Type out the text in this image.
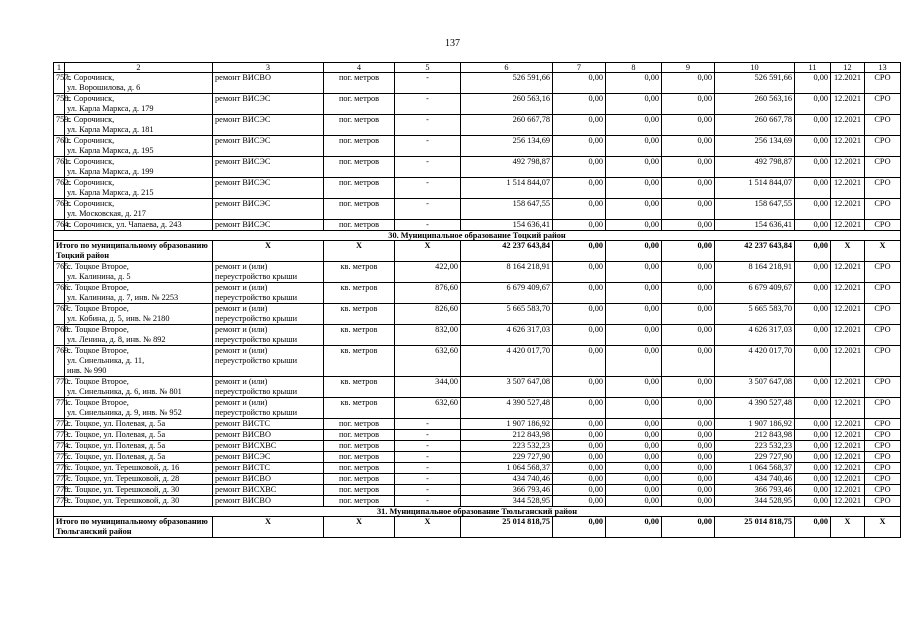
137
1	2	3	4	5	6	7	8	9	10	11	12	13
757.	г. Сорочинск,
ул. Ворошилова, д. 6	ремонт ВИСВО	пог. метров	-	526 591,66	0,00	0,00	0,00	526 591,66	0,00	12.2021	СРО
758.	г. Сорочинск,
ул. Карла Маркса, д. 179	ремонт ВИСЭС	пог. метров	-	260 563,16	0,00	0,00	0,00	260 563,16	0,00	12.2021	СРО
759.	г. Сорочинск,
ул. Карла Маркса, д. 181	ремонт ВИСЭС	пог. метров	-	260 667,78	0,00	0,00	0,00	260 667,78	0,00	12.2021	СРО
760.	г. Сорочинск,
ул. Карла Маркса, д. 195	ремонт ВИСЭС	пог. метров	-	256 134,69	0,00	0,00	0,00	256 134,69	0,00	12.2021	СРО
761.	г. Сорочинск,
ул. Карла Маркса, д. 199	ремонт ВИСЭС	пог. метров	-	492 798,87	0,00	0,00	0,00	492 798,87	0,00	12.2021	СРО
762.	г. Сорочинск,
ул. Карла Маркса, д. 215	ремонт ВИСЭС	пог. метров	-	1 514 844,07	0,00	0,00	0,00	1 514 844,07	0,00	12.2021	СРО
763.	г. Сорочинск,
ул. Московская, д. 217	ремонт ВИСЭС	пог. метров	-	158 647,55	0,00	0,00	0,00	158 647,55	0,00	12.2021	СРО
764.	г. Сорочинск, ул. Чапаева, д. 243	ремонт ВИСЭС	пог. метров	-	154 636,41	0,00	0,00	0,00	154 636,41	0,00	12.2021	СРО
30. Муниципальное образование Тоцкий район												
Итого по муниципальному образованию Тоцкий район		Х	Х	Х	42 237 643,84	0,00	0,00	0,00	42 237 643,84	0,00	Х	Х
765.	с. Тоцкое Второе,
ул. Калинина, д. 5	ремонт и (или)
переустройство крыши	кв. метров	422,00	8 164 218,91	0,00	0,00	0,00	8 164 218,91	0,00	12.2021	СРО
766.	с. Тоцкое Второе,
ул. Калинина, д. 7, инв. № 2253	ремонт и (или)
переустройство крыши	кв. метров	876,60	6 679 409,67	0,00	0,00	0,00	6 679 409,67	0,00	12.2021	СРО
767.	с. Тоцкое Второе,
ул. Кобина, д. 5, инв. № 2180	ремонт и (или)
переустройство крыши	кв. метров	826,60	5 665 583,70	0,00	0,00	0,00	5 665 583,70	0,00	12.2021	СРО
768.	с. Тоцкое Второе,
ул. Ленина, д. 8, инв. № 892	ремонт и (или)
переустройство крыши	кв. метров	832,00	4 626 317,03	0,00	0,00	0,00	4 626 317,03	0,00	12.2021	СРО
769.	с. Тоцкое Второе,
ул. Синельника, д. 11,
инв. № 990	ремонт и (или)
переустройство крыши	кв. метров	632,60	4 420 017,70	0,00	0,00	0,00	4 420 017,70	0,00	12.2021	СРО
770.	с. Тоцкое Второе,
ул. Синельника, д. 6, инв. № 801	ремонт и (или)
переустройство крыши	кв. метров	344,00	3 507 647,08	0,00	0,00	0,00	3 507 647,08	0,00	12.2021	СРО
771.	с. Тоцкое Второе,
ул. Синельника, д. 9, инв. № 952	ремонт и (или)
переустройство крыши	кв. метров	632,60	4 390 527,48	0,00	0,00	0,00	4 390 527,48	0,00	12.2021	СРО
772.	с. Тоцкое, ул. Полевая, д. 5а	ремонт ВИСТС	пог. метров	-	1 907 186,92	0,00	0,00	0,00	1 907 186,92	0,00	12.2021	СРО
773.	с. Тоцкое, ул. Полевая, д. 5а	ремонт ВИСВО	пог. метров	-	212 843,98	0,00	0,00	0,00	212 843,98	0,00	12.2021	СРО
774.	с. Тоцкое, ул. Полевая, д. 5а	ремонт ВИСХВС	пог. метров	-	223 532,23	0,00	0,00	0,00	223 532,23	0,00	12.2021	СРО
775.	с. Тоцкое, ул. Полевая, д. 5а	ремонт ВИСЭС	пог. метров	-	229 727,90	0,00	0,00	0,00	229 727,90	0,00	12.2021	СРО
776.	с. Тоцкое, ул. Терешковой, д. 16	ремонт ВИСТС	пог. метров	-	1 064 568,37	0,00	0,00	0,00	1 064 568,37	0,00	12.2021	СРО
777.	с. Тоцкое, ул. Терешковой, д. 28	ремонт ВИСВО	пог. метров	-	434 740,46	0,00	0,00	0,00	434 740,46	0,00	12.2021	СРО
778.	с. Тоцкое, ул. Терешковой, д. 30	ремонт ВИСХВС	пог. метров	-	366 793,46	0,00	0,00	0,00	366 793,46	0,00	12.2021	СРО
779.	с. Тоцкое, ул. Терешковой, д. 30	ремонт ВИСВО	пог. метров	-	344 528,95	0,00	0,00	0,00	344 528,95	0,00	12.2021	СРО
31. Муниципальное образование Тюльганский район												
Итого по муниципальному образованию Тюльганский район		Х	Х	Х	25 014 818,75	0,00	0,00	0,00	25 014 818,75	0,00	Х	Х
